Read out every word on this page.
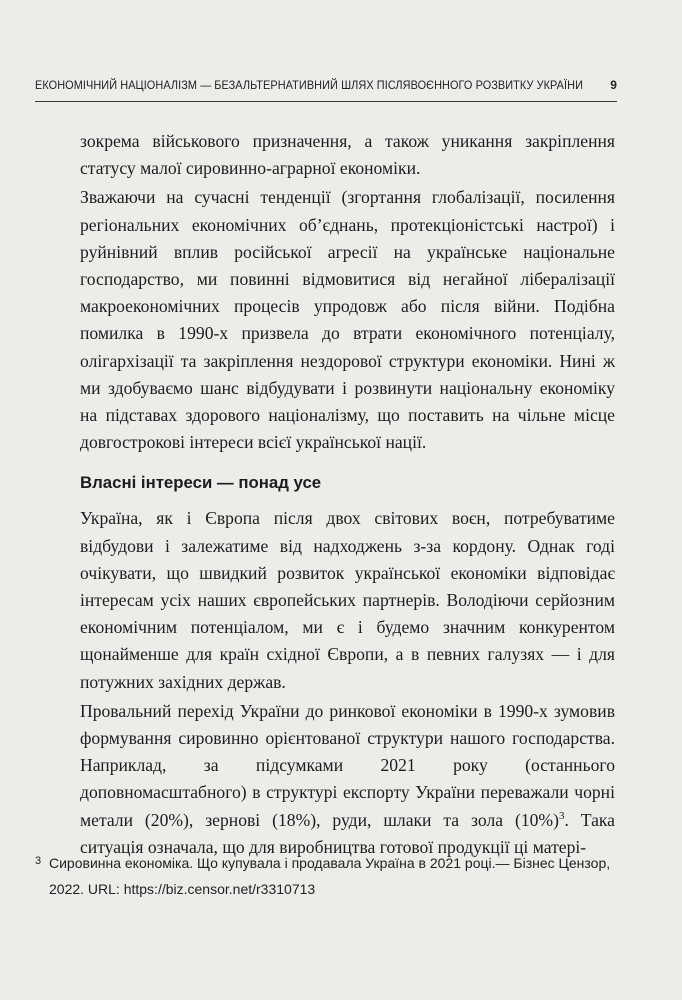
ЕКОНОМІЧНИЙ НАЦІОНАЛІЗМ — БЕЗАЛЬТЕРНАТИВНИЙ ШЛЯХ ПІСЛЯВОЄННОГО РОЗВИТКУ УКРАЇНИ 9

зокрема військового призначення, а також уникання закріплення статусу малої сировинно-аграрної економіки.

Зважаючи на сучасні тенденції (згортання глобалізації, посилення регіональних економічних об’єднань, протекціоністські настрої) і руйнівний вплив російської агресії на українське національне господарство, ми повинні відмовитися від негайної лібералізації макроекономічних процесів упродовж або після війни. Подібна помилка в 1990-х призвела до втрати економічного потенціалу, олігархізації та закріплення нездорової структури економіки. Нині ж ми здобуваємо шанс відбудувати і розвинути національну економіку на підставах здорового націоналізму, що поставить на чільне місце довгострокові інтереси всієї української нації.

Власні інтереси — понад усе

Україна, як і Європа після двох світових воєн, потребуватиме відбудови і залежатиме від надходжень з-за кордону. Однак годі очікувати, що швидкий розвиток української економіки відповідає інтересам усіх наших європейських партнерів. Володіючи серйозним економічним потенціалом, ми є і будемо значним конкурентом щонайменше для країн східної Європи, а в певних галузях — і для потужних західних держав.

Провальний перехід України до ринкової економіки в 1990-х зумовив формування сировинно орієнтованої структури нашого господарства. Наприклад, за підсумками 2021 року (останнього доповномасштабного) в структурі експорту України переважали чорні метали (20%), зернові (18%), руди, шлаки та зола $(10\%)^3$. Така ситуація означала, що для виробництва готової продукції ці матері-

3 Сировинна економіка. Що купувала і продавала Україна в 2021 році.— Бізнес Цензор, 2022. URL: https://biz.censor.net/r3310713
